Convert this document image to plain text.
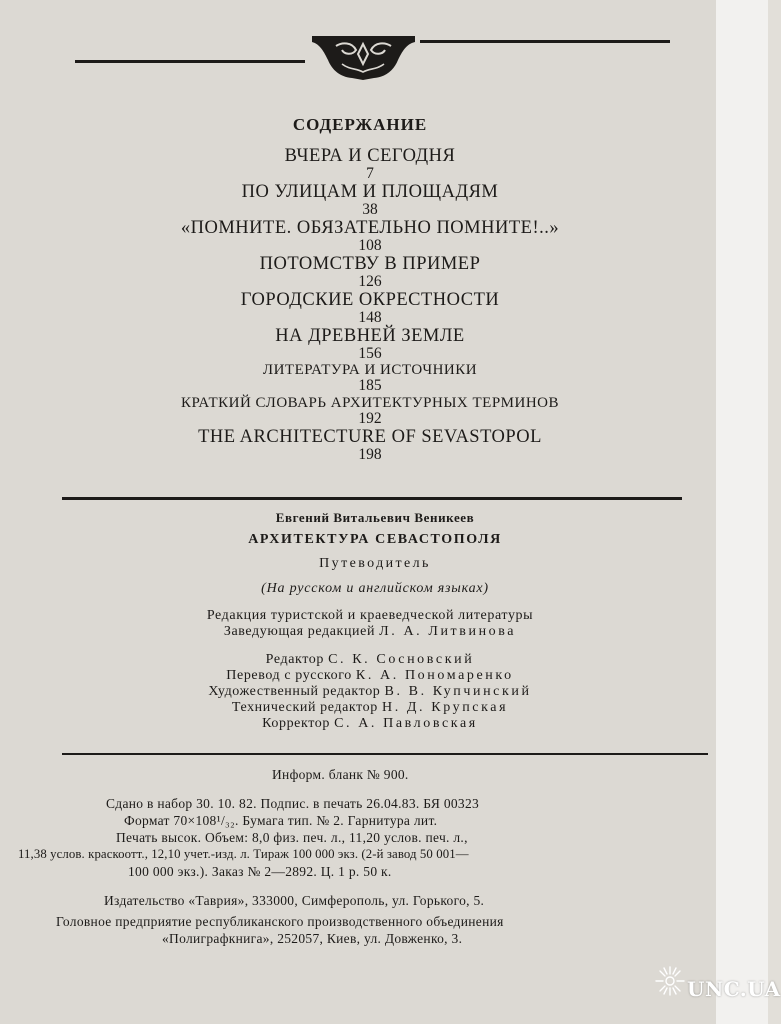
СОДЕРЖАНИЕ
ВЧЕРА И СЕГОДНЯ
7
ПО УЛИЦАМ И ПЛОЩАДЯМ
38
«ПОМНИТЕ. ОБЯЗАТЕЛЬНО ПОМНИТЕ!..»
108
ПОТОМСТВУ В ПРИМЕР
126
ГОРОДСКИЕ ОКРЕСТНОСТИ
148
НА ДРЕВНЕЙ ЗЕМЛЕ
156
ЛИТЕРАТУРА И ИСТОЧНИКИ
185
КРАТКИЙ СЛОВАРЬ АРХИТЕКТУРНЫХ ТЕРМИНОВ
192
THE ARCHITECTURE OF SEVASTOPOL
198
Евгений Витальевич Веникеев
АРХИТЕКТУРА СЕВАСТОПОЛЯ
Путеводитель
(На русском и английском языках)
Редакция туристской и краеведческой литературы
Заведующая редакцией Л. А. Литвинова
Редактор С. К. Сосновский
Перевод с русского К. А. Пономаренко
Художественный редактор В. В. Купчинский
Технический редактор Н. Д. Крупская
Корректор С. А. Павловская
Информ. бланк № 900.
Сдано в набор 30. 10. 82. Подпис. в печать 26.04.83. БЯ 00323
Формат 70×108¹/₃₂. Бумага тип. № 2. Гарнитура лит.
Печать высок. Объем: 8,0 физ. печ. л., 11,20 услов. печ. л.,
11,38 услов. краскоотт., 12,10 учет.-изд. л. Тираж 100 000 экз. (2-й завод 50 001—
100 000 экз.). Заказ № 2—2892. Ц. 1 р. 50 к.
Издательство «Таврия», 333000, Симферополь, ул. Горького, 5.
Головное предприятие республиканского производственного объединения
«Полиграфкнига», 252057, Киев, ул. Довженко, 3.
UNC.UA
